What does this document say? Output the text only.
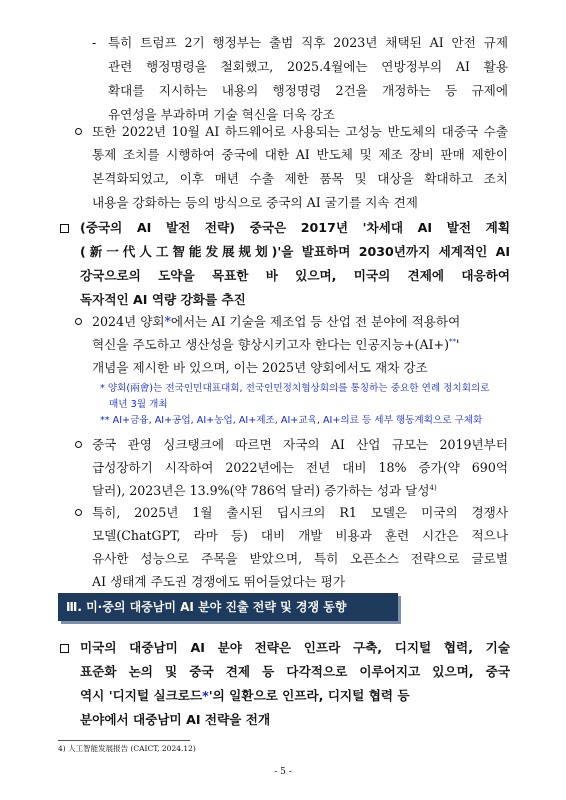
- 특히 트럼프 2기 행정부는 출범 직후 2023년 채택된 AI 안전 규제
관련 행정명령을 철회했고, 2025.4월에는 연방정부의 AI 활용
확대를 지시하는 내용의 행정명령 2건을 개정하는 등 규제에
유연성을 부과하며 기술 혁신을 더욱 강조
또한 2022년 10월 AI 하드웨어로 사용되는 고성능 반도체의 대중국 수출
통제 조치를 시행하여 중국에 대한 AI 반도체 및 제조 장비 판매 제한이
본격화되었고, 이후 매년 수출 제한 품목 및 대상을 확대하고 조치
내용을 강화하는 등의 방식으로 중국의 AI 굴기를 지속 견제
(중국의 AI 발전 전략) 중국은 2017년 '차세대 AI 발전 계획
(新一代人工智能发展规划)'을 발표하며 2030년까지 세계적인 AI
강국으로의 도약을 목표한 바 있으며, 미국의 견제에 대응하여
독자적인 AI 역량 강화를 추진
2024년 양회*에서는 AI 기술을 제조업 등 산업 전 분야에 적용하여
혁신을 주도하고 생산성을 향상시키고자 한다는 인공지능+(AI+)**'
개념을 제시한 바 있으며, 이는 2025년 양회에서도 재차 강조
* 양회(兩會)는 전국인민대표대회, 전국인민정치협상회의를 통칭하는 중요한 연례 정치회의로
매년 3월 개최
** AI+금융, AI+공업, AI+농업, AI+제조, AI+교육, AI+의료 등 세부 행동계획으로 구체화
중국 관영 싱크탱크에 따르면 자국의 AI 산업 규모는 2019년부터
급성장하기 시작하여 2022년에는 전년 대비 18% 증가(약 690억
달러), 2023년은 13.9%(약 786억 달러) 증가하는 성과 달성$^{4)}$
특히, 2025년 1월 출시된 딥시크의 R1 모델은 미국의 경쟁사
모델(ChatGPT, 라마 등) 대비 개발 비용과 훈련 시간은 적으나
유사한 성능으로 주목을 받았으며, 특히 오픈소스 전략으로 글로벌
AI 생태계 주도권 경쟁에도 뛰어들었다는 평가
Ⅲ. 미·중의 대중남미 AI 분야 진출 전략 및 경쟁 동향
미국의 대중남미 AI 분야 전략은 인프라 구축, 디지털 협력, 기술
표준화 논의 및 중국 견제 등 다각적으로 이루어지고 있으며, 중국
역시 '디지털 실크로드*'의 일환으로 인프라, 디지털 협력 등
분야에서 대중남미 AI 전략을 전개
4) 人工智能发展报告 (CAICT, 2024.12)
- 5 -
